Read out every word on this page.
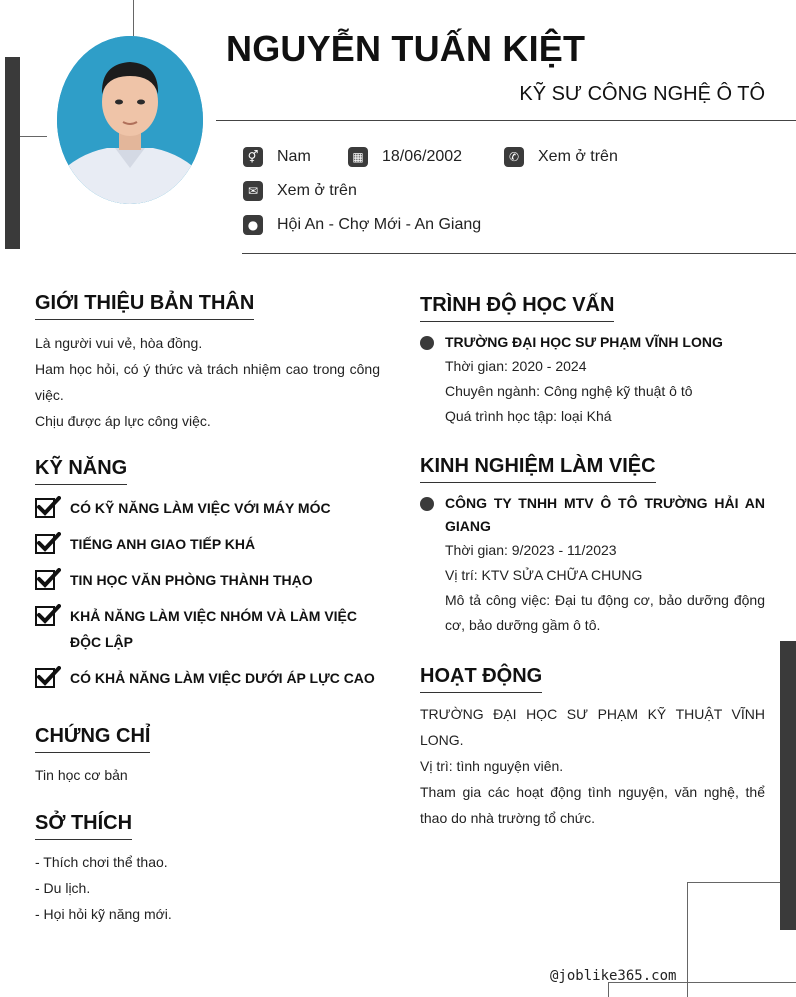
NGUYỄN TUẤN KIỆT
KỸ SƯ CÔNG NGHỆ Ô TÔ
⚥ Nam	▦ 18/06/2002	✆	Xem ở trên
✉	Xem ở trên
● Hội An - Chợ Mới - An Giang
GIỚI THIỆU BẢN THÂN
Là người vui vẻ, hòa đồng.
Ham học hỏi, có ý thức và trách nhiệm cao trong công việc.
Chịu được áp lực công việc.
KỸ NĂNG
CÓ KỸ NĂNG LÀM VIỆC VỚI MÁY MÓC
TIẾNG ANH GIAO TIẾP KHÁ
TIN HỌC VĂN PHÒNG THÀNH THẠO
KHẢ NĂNG LÀM VIỆC NHÓM VÀ LÀM VIỆC ĐỘC LẬP
CÓ KHẢ NĂNG LÀM VIỆC DƯỚI ÁP LỰC CAO
CHỨNG CHỈ
Tin học cơ bản
SỞ THÍCH
- Thích chơi thể thao.
- Du lịch.
- Họi hỏi kỹ năng mới.
TRÌNH ĐỘ HỌC VẤN
TRƯỜNG ĐẠI HỌC SƯ PHẠM VĨNH LONG
Thời gian: 2020 - 2024
Chuyên ngành: Công nghệ kỹ thuật ô tô
Quá trình học tập: loại Khá
KINH NGHIỆM LÀM VIỆC
CÔNG TY TNHH MTV Ô TÔ TRƯỜNG HẢI AN GIANG
Thời gian: 9/2023 - 11/2023
Vị trí: KTV SỬA CHỮA CHUNG
Mô tả công việc: Đại tu động cơ, bảo dưỡng động cơ, bảo dưỡng gầm ô tô.
HOẠT ĐỘNG
TRƯỜNG ĐẠI HỌC SƯ PHẠM KỸ THUẬT VĨNH LONG.
Vị trì: tình nguyện viên.
Tham gia các hoạt động tình nguyện, văn nghệ, thể thao do nhà trường tổ chức.
@joblike365.com
